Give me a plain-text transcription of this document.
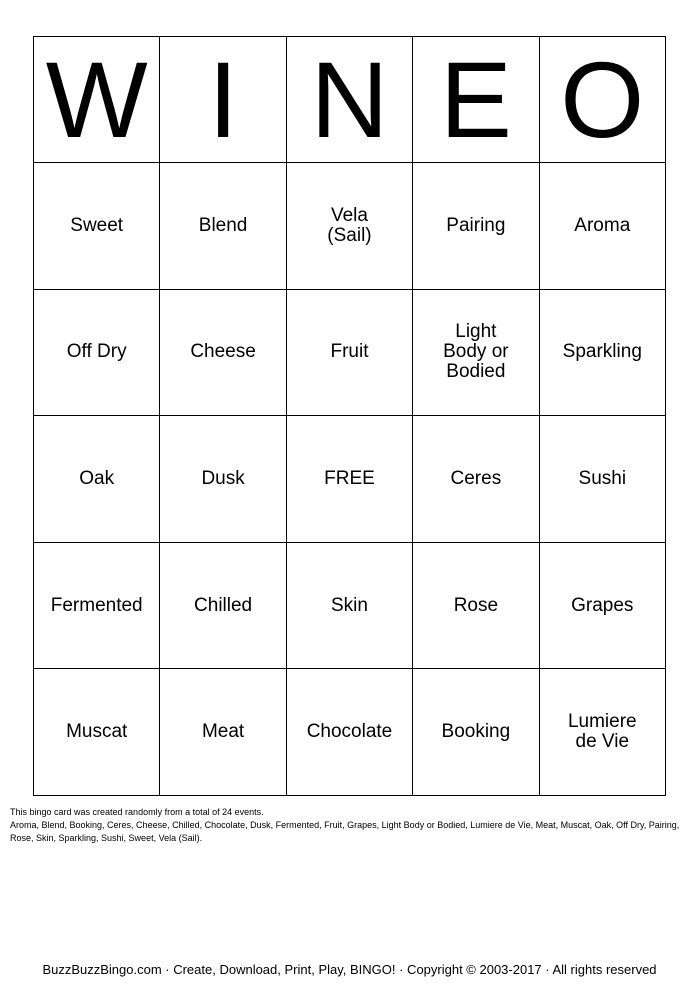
W	I	N	E	O
Sweet	Blend	Vela (Sail)	Pairing	Aroma
Off Dry	Cheese	Fruit	Light Body or Bodied	Sparkling
Oak	Dusk	FREE	Ceres	Sushi
Fermented	Chilled	Skin	Rose	Grapes
Muscat	Meat	Chocolate	Booking	Lumiere de Vie

This bingo card was created randomly from a total of 24 events.

Aroma, Blend, Booking, Ceres, Cheese, Chilled, Chocolate, Dusk, Fermented, Fruit, Grapes, Light Body or Bodied, Lumiere de Vie, Meat, Muscat, Oak, Off Dry, Pairing, Rose, Skin, Sparkling, Sushi, Sweet, Vela (Sail).

BuzzBuzzBingo.com · Create, Download, Print, Play, BINGO! · Copyright © 2003-2017 · All rights reserved
